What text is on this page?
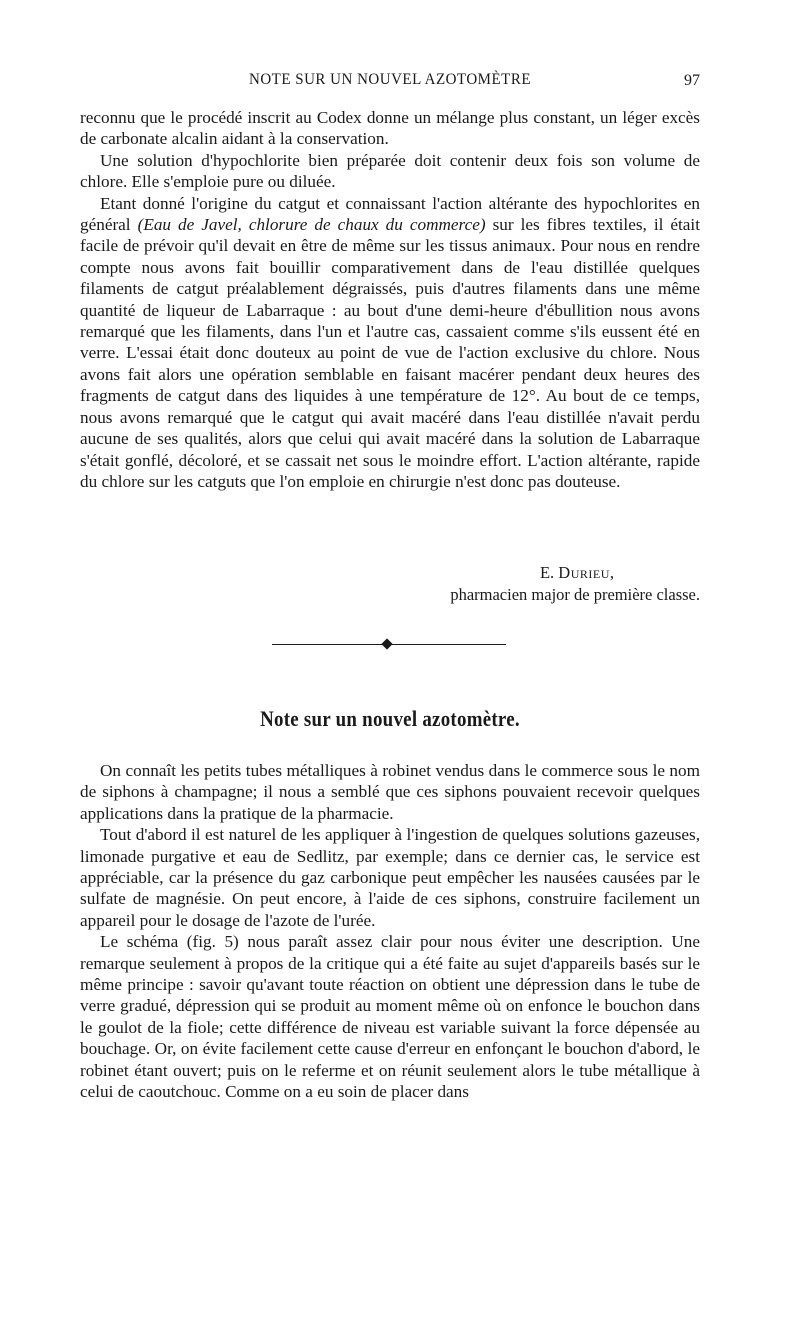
NOTE SUR UN NOUVEL AZOTOMÈTRE	97

reconnu que le procédé inscrit au Codex donne un mélange plus constant, un léger excès de carbonate alcalin aidant à la conservation.

Une solution d'hypochlorite bien préparée doit contenir deux fois son volume de chlore. Elle s'emploie pure ou diluée.

Etant donné l'origine du catgut et connaissant l'action altérante des hypochlorites en général (Eau de Javel, chlorure de chaux du commerce) sur les fibres textiles, il était facile de prévoir qu'il devait en être de même sur les tissus animaux. Pour nous en rendre compte nous avons fait bouillir comparativement dans de l'eau distillée quelques filaments de catgut préalablement dégraissés, puis d'autres filaments dans une même quantité de liqueur de Labarraque : au bout d'une demi-heure d'ébullition nous avons remarqué que les filaments, dans l'un et l'autre cas, cassaient comme s'ils eussent été en verre. L'essai était donc douteux au point de vue de l'action exclusive du chlore. Nous avons fait alors une opération semblable en faisant macérer pendant deux heures des fragments de catgut dans des liquides à une température de 12°. Au bout de ce temps, nous avons remarqué que le catgut qui avait macéré dans l'eau distillée n'avait perdu aucune de ses qualités, alors que celui qui avait macéré dans la solution de Labarraque s'était gonflé, décoloré, et se cassait net sous le moindre effort. L'action altérante, rapide du chlore sur les catguts que l'on emploie en chirurgie n'est donc pas douteuse.

E. Durieu,
pharmacien major de première classe.
Note sur un nouvel azotomètre.

On connaît les petits tubes métalliques à robinet vendus dans le commerce sous le nom de siphons à champagne; il nous a semblé que ces siphons pouvaient recevoir quelques applications dans la pratique de la pharmacie.

Tout d'abord il est naturel de les appliquer à l'ingestion de quelques solutions gazeuses, limonade purgative et eau de Sedlitz, par exemple; dans ce dernier cas, le service est appréciable, car la présence du gaz carbonique peut empêcher les nausées causées par le sulfate de magnésie. On peut encore, à l'aide de ces siphons, construire facilement un appareil pour le dosage de l'azote de l'urée.

Le schéma (fig. 5) nous paraît assez clair pour nous éviter une description. Une remarque seulement à propos de la critique qui a été faite au sujet d'appareils basés sur le même principe : savoir qu'avant toute réaction on obtient une dépression dans le tube de verre gradué, dépression qui se produit au moment même où on enfonce le bouchon dans le goulot de la fiole; cette différence de niveau est variable suivant la force dépensée au bouchage. Or, on évite facilement cette cause d'erreur en enfonçant le bouchon d'abord, le robinet étant ouvert; puis on le referme et on réunit seulement alors le tube métallique à celui de caoutchouc. Comme on a eu soin de placer dans
